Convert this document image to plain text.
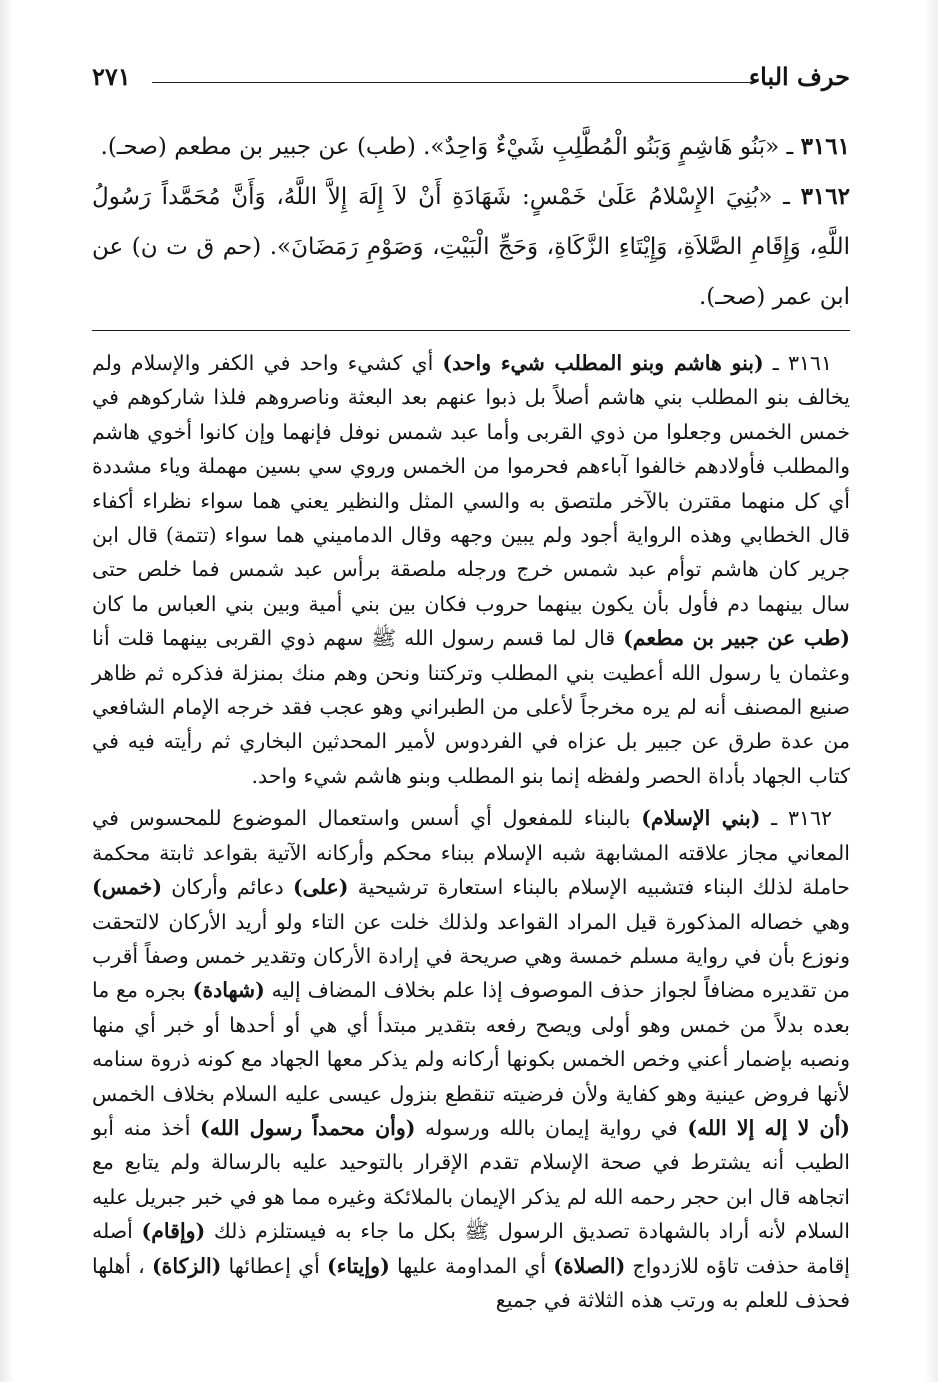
حرف الباء
٢٧١

٣١٦١ ـ «بَنُو هَاشِمٍ وَبَنُو الْمُطَّلِبِ شَيْءٌ وَاحِدٌ». (طب) عن جبير بن مطعم (صحـ).

٣١٦٢ ـ «بُنِيَ الإِسْلامُ عَلَىٰ خَمْسٍ: شَهَادَةِ أَنْ لاَ إِلَهَ إِلاَّ اللَّهُ، وَأَنَّ مُحَمَّداً رَسُولُ اللَّهِ، وَإِقَامِ الصَّلاَةِ، وَإِيْتَاءِ الزَّكَاةِ، وَحَجِّ الْبَيْتِ، وَصَوْمِ رَمَضَانَ». (حم ق ت ن) عن ابن عمر (صحـ).

٣١٦١ ـ (بنو هاشم وبنو المطلب شيء واحد) أي كشيء واحد في الكفر والإسلام ولم يخالف بنو المطلب بني هاشم أصلاً بل ذبوا عنهم بعد البعثة وناصروهم فلذا شاركوهم في خمس الخمس وجعلوا من ذوي القربى وأما عبد شمس نوفل فإنهما وإن كانوا أخوي هاشم والمطلب فأولادهم خالفوا آباءهم فحرموا من الخمس وروي سي بسين مهملة وياء مشددة أي كل منهما مقترن بالآخر ملتصق به والسي المثل والنظير يعني هما سواء نظراء أكفاء قال الخطابي وهذه الرواية أجود ولم يبين وجهه وقال الدماميني هما سواء (تتمة) قال ابن جرير كان هاشم توأم عبد شمس خرج ورجله ملصقة برأس عبد شمس فما خلص حتى سال بينهما دم فأول بأن يكون بينهما حروب فكان بين بني أمية وبين بني العباس ما كان (طب عن جبير بن مطعم) قال لما قسم رسول الله ﷺ سهم ذوي القربى بينهما قلت أنا وعثمان يا رسول الله أعطيت بني المطلب وتركتنا ونحن وهم منك بمنزلة فذكره ثم ظاهر صنيع المصنف أنه لم يره مخرجاً لأعلى من الطبراني وهو عجب فقد خرجه الإمام الشافعي من عدة طرق عن جبير بل عزاه في الفردوس لأمير المحدثين البخاري ثم رأيته فيه في كتاب الجهاد بأداة الحصر ولفظه إنما بنو المطلب وبنو هاشم شيء واحد.

٣١٦٢ ـ (بني الإسلام) بالبناء للمفعول أي أسس واستعمال الموضوع للمحسوس في المعاني مجاز علاقته المشابهة شبه الإسلام ببناء محكم وأركانه الآتية بقواعد ثابتة محكمة حاملة لذلك البناء فتشبيه الإسلام بالبناء استعارة ترشيحية (على) دعائم وأركان (خمس) وهي خصاله المذكورة قيل المراد القواعد ولذلك خلت عن التاء ولو أريد الأركان لالتحقت ونوزع بأن في رواية مسلم خمسة وهي صريحة في إرادة الأركان وتقدير خمس وصفاً أقرب من تقديره مضافاً لجواز حذف الموصوف إذا علم بخلاف المضاف إليه (شهادة) بجره مع ما بعده بدلاً من خمس وهو أولى ويصح رفعه بتقدير مبتدأ أي هي أو أحدها أو خبر أي منها ونصبه بإضمار أعني وخص الخمس بكونها أركانه ولم يذكر معها الجهاد مع كونه ذروة سنامه لأنها فروض عينية وهو كفاية ولأن فرضيته تنقطع بنزول عيسى عليه السلام بخلاف الخمس (أن لا إله إلا الله) في رواية إيمان بالله ورسوله (وأن محمداً رسول الله) أخذ منه أبو الطيب أنه يشترط في صحة الإسلام تقدم الإقرار بالتوحيد عليه بالرسالة ولم يتابع مع اتجاهه قال ابن حجر رحمه الله لم يذكر الإيمان بالملائكة وغيره مما هو في خبر جبريل عليه السلام لأنه أراد بالشهادة تصديق الرسول ﷺ بكل ما جاء به فيستلزم ذلك (وإقام) أصله إقامة حذفت تاؤه للازدواج (الصلاة) أي المداومة عليها (وإيتاء) أي إعطائها (الزكاة) ، أهلها فحذف للعلم به ورتب هذه الثلاثة في جميع
